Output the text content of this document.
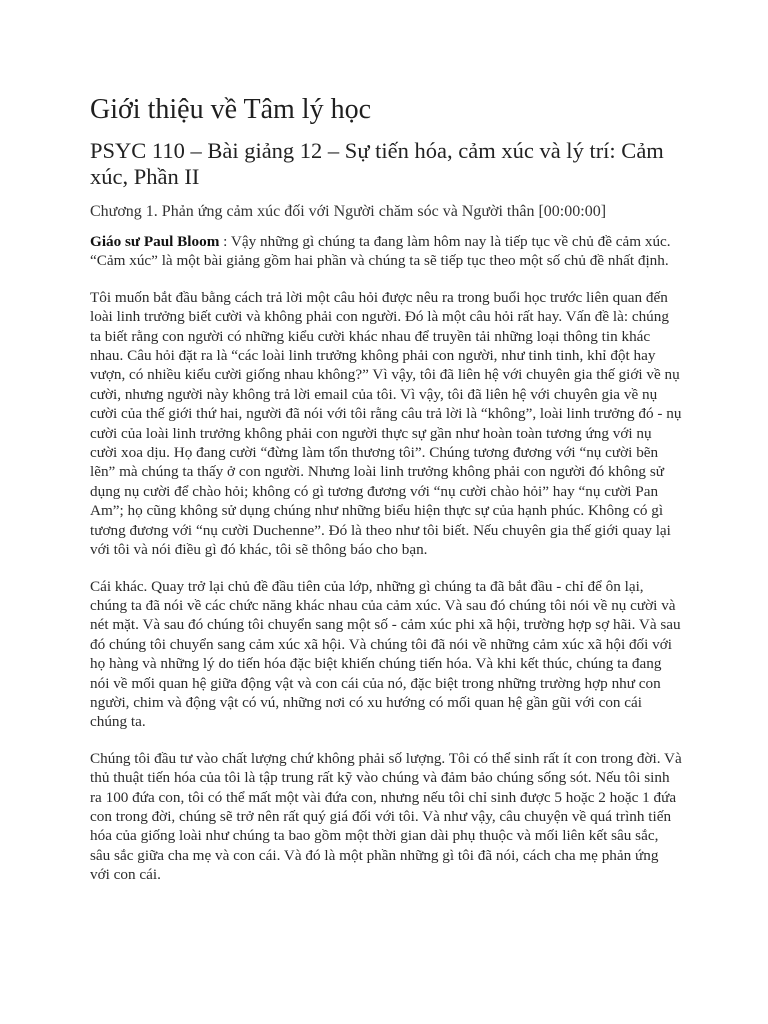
Giới thiệu về Tâm lý học
PSYC 110 – Bài giảng 12 – Sự tiến hóa, cảm xúc và lý trí: Cảm xúc, Phần II
Chương 1. Phản ứng cảm xúc đối với Người chăm sóc và Người thân [00:00:00]

Giáo sư Paul Bloom : Vậy những gì chúng ta đang làm hôm nay là tiếp tục về chủ đề cảm xúc. “Cảm xúc” là một bài giảng gồm hai phần và chúng ta sẽ tiếp tục theo một số chủ đề nhất định.

Tôi muốn bắt đầu bằng cách trả lời một câu hỏi được nêu ra trong buổi học trước liên quan đến loài linh trưởng biết cười và không phải con người. Đó là một câu hỏi rất hay. Vấn đề là: chúng ta biết rằng con người có những kiểu cười khác nhau để truyền tải những loại thông tin khác nhau. Câu hỏi đặt ra là “các loài linh trưởng không phải con người, như tinh tinh, khỉ đột hay vượn, có nhiều kiểu cười giống nhau không?” Vì vậy, tôi đã liên hệ với chuyên gia thế giới về nụ cười, nhưng người này không trả lời email của tôi. Vì vậy, tôi đã liên hệ với chuyên gia về nụ cười của thế giới thứ hai, người đã nói với tôi rằng câu trả lời là “không”, loài linh trưởng đó - nụ cười của loài linh trưởng không phải con người thực sự gần như hoàn toàn tương ứng với nụ cười xoa dịu. Họ đang cười “đừng làm tổn thương tôi”. Chúng tương đương với “nụ cười bẽn lẽn” mà chúng ta thấy ở con người. Nhưng loài linh trưởng không phải con người đó không sử dụng nụ cười để chào hỏi; không có gì tương đương với “nụ cười chào hỏi” hay “nụ cười Pan Am”; họ cũng không sử dụng chúng như những biểu hiện thực sự của hạnh phúc. Không có gì tương đương với “nụ cười Duchenne”. Đó là theo như tôi biết. Nếu chuyên gia thế giới quay lại với tôi và nói điều gì đó khác, tôi sẽ thông báo cho bạn.

Cái khác. Quay trở lại chủ đề đầu tiên của lớp, những gì chúng ta đã bắt đầu - chỉ để ôn lại, chúng ta đã nói về các chức năng khác nhau của cảm xúc. Và sau đó chúng tôi nói về nụ cười và nét mặt. Và sau đó chúng tôi chuyển sang một số - cảm xúc phi xã hội, trường hợp sợ hãi. Và sau đó chúng tôi chuyển sang cảm xúc xã hội. Và chúng tôi đã nói về những cảm xúc xã hội đối với họ hàng và những lý do tiến hóa đặc biệt khiến chúng tiến hóa. Và khi kết thúc, chúng ta đang nói về mối quan hệ giữa động vật và con cái của nó, đặc biệt trong những trường hợp như con người, chim và động vật có vú, những nơi có xu hướng có mối quan hệ gần gũi với con cái chúng ta.

Chúng tôi đầu tư vào chất lượng chứ không phải số lượng. Tôi có thể sinh rất ít con trong đời. Và thủ thuật tiến hóa của tôi là tập trung rất kỹ vào chúng và đảm bảo chúng sống sót. Nếu tôi sinh ra 100 đứa con, tôi có thể mất một vài đứa con, nhưng nếu tôi chỉ sinh được 5 hoặc 2 hoặc 1 đứa con trong đời, chúng sẽ trở nên rất quý giá đối với tôi. Và như vậy, câu chuyện về quá trình tiến hóa của giống loài như chúng ta bao gồm một thời gian dài phụ thuộc và mối liên kết sâu sắc, sâu sắc giữa cha mẹ và con cái. Và đó là một phần những gì tôi đã nói, cách cha mẹ phản ứng với con cái.
